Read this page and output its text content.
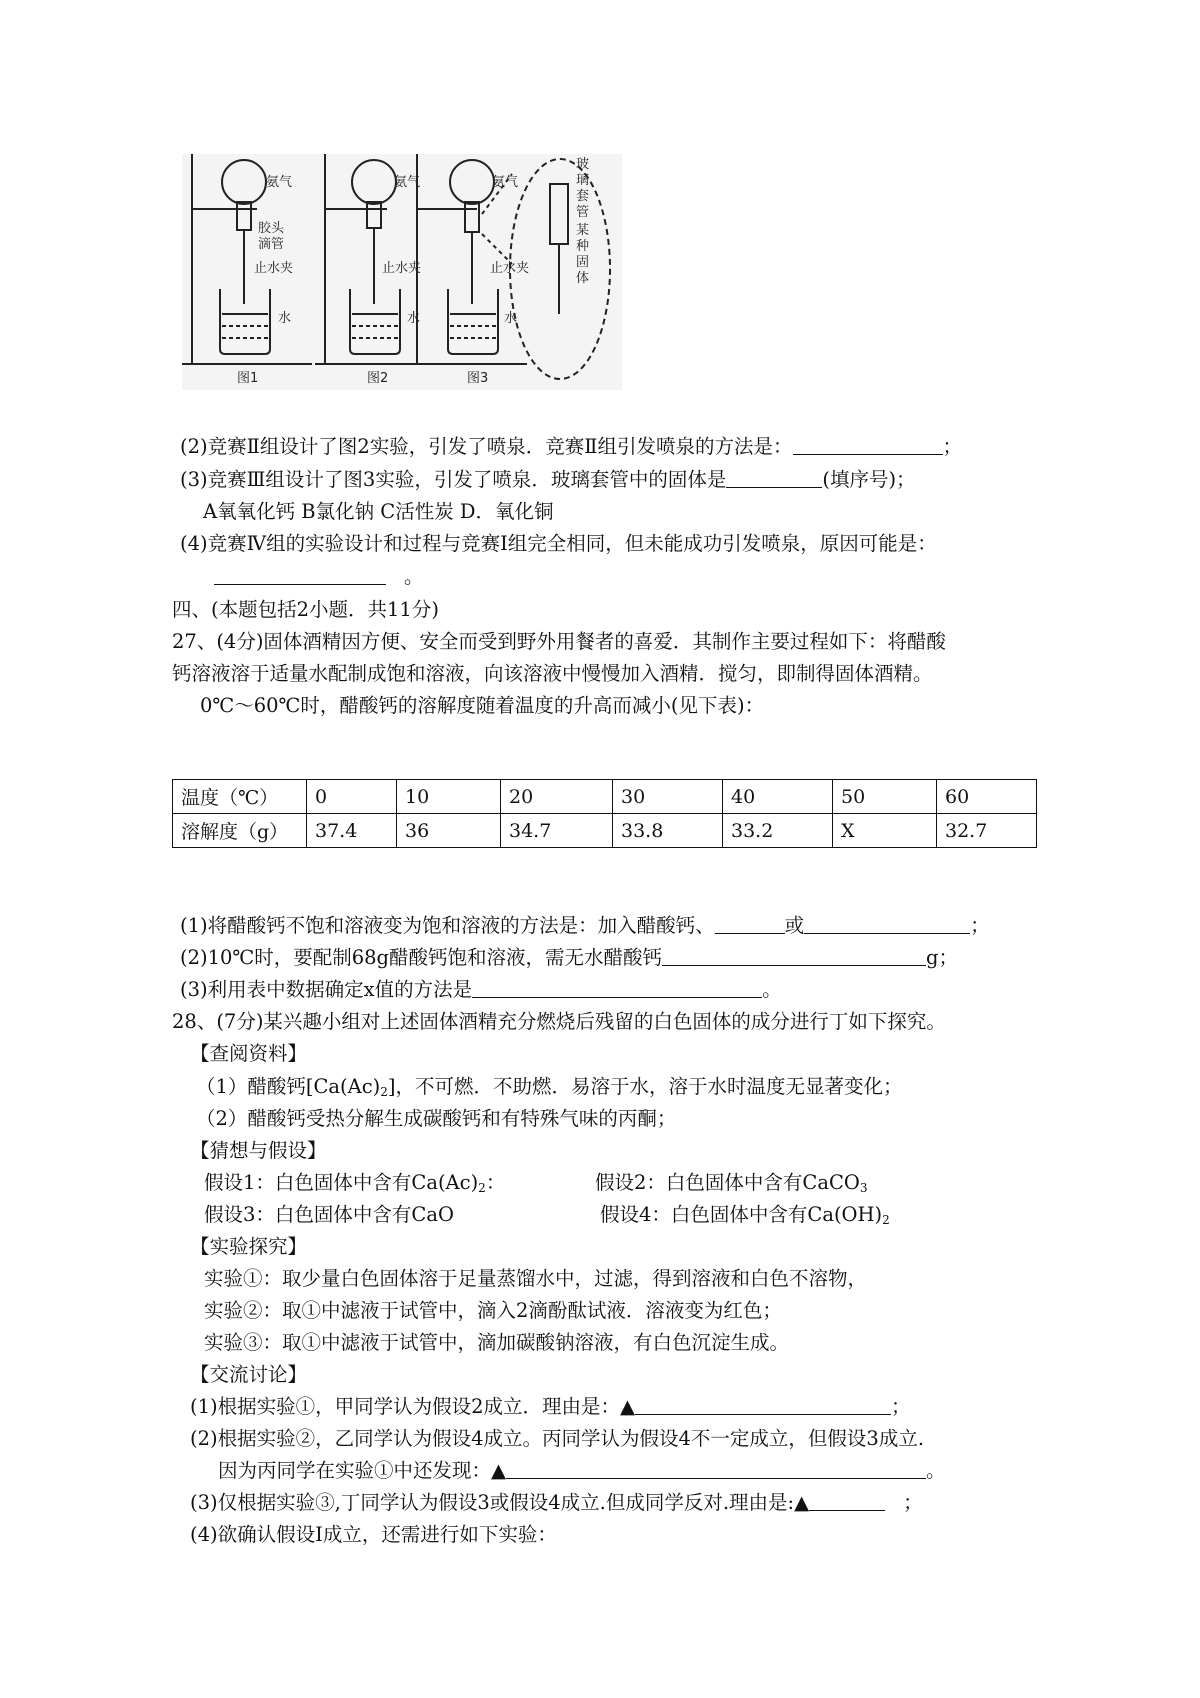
氨气	氨气	氨气
胶头
滴管
止水夹	止水夹	止水夹
水	水	水
玻
璃
套
管
某
种
固
体
图1	图2	图3
(2)竞赛Ⅱ组设计了图2实验，引发了喷泉．竞赛Ⅱ组引发喷泉的方法是：	；
(3)竞赛Ⅲ组设计了图3实验，引发了喷泉．玻璃套管中的固体是	(填序号)；
A氧氧化钙 B氯化钠 C活性炭 D．氧化铜
(4)竞赛Ⅳ组的实验设计和过程与竞赛Ⅰ组完全相同，但未能成功引发喷泉，原因可能是：
。
四、(本题包括2小题．共11分)
27、(4分)固体酒精因方便、安全而受到野外用餐者的喜爱．其制作主要过程如下：将醋酸
钙溶液溶于适量水配制成饱和溶液，向该溶液中慢慢加入酒精．搅匀，即制得固体酒精。
0℃～60℃时，醋酸钙的溶解度随着温度的升高而减小(见下表)：
温度（℃）	0	10	20	30	40	50	60
溶解度（g）	37.4	36	34.7	33.8	33.2	X	32.7
(1)将醋酸钙不饱和溶液变为饱和溶液的方法是：加入醋酸钙、	或	；
(2)10℃时，要配制68g醋酸钙饱和溶液，需无水醋酸钙	g；
(3)利用表中数据确定x值的方法是	。
28、(7分)某兴趣小组对上述固体酒精充分燃烧后残留的白色固体的成分进行丁如下探究。
【查阅资料】
（1）醋酸钙$[Ca(Ac)_2]$，不可燃．不助燃．易溶于水，溶于水时温度无显著变化；
（2）醋酸钙受热分解生成碳酸钙和有特殊气味的丙酮；
【猜想与假设】
假设1：白色固体中含有$Ca(Ac)_2$：	假设2：白色固体中含有CaCO$_3$
假设3：白色固体中含有CaO	假设4：白色固体中含有$Ca(OH)_2$
【实验探究】
实验①：取少量白色固体溶于足量蒸馏水中，过滤，得到溶液和白色不溶物，
实验②：取①中滤液于试管中，滴入2滴酚酞试液．溶液变为红色；
实验③：取①中滤液于试管中，滴加碳酸钠溶液，有白色沉淀生成。
【交流讨论】
(1)根据实验①，甲同学认为假设2成立．理由是：▲	；
(2)根据实验②，乙同学认为假设4成立。丙同学认为假设4不一定成立，但假设3成立.
因为丙同学在实验①中还发现：▲	。
(3)仅根据实验③,丁同学认为假设3或假设4成立.但成同学反对.理由是:▲	；
(4)欲确认假设I成立，还需进行如下实验：
